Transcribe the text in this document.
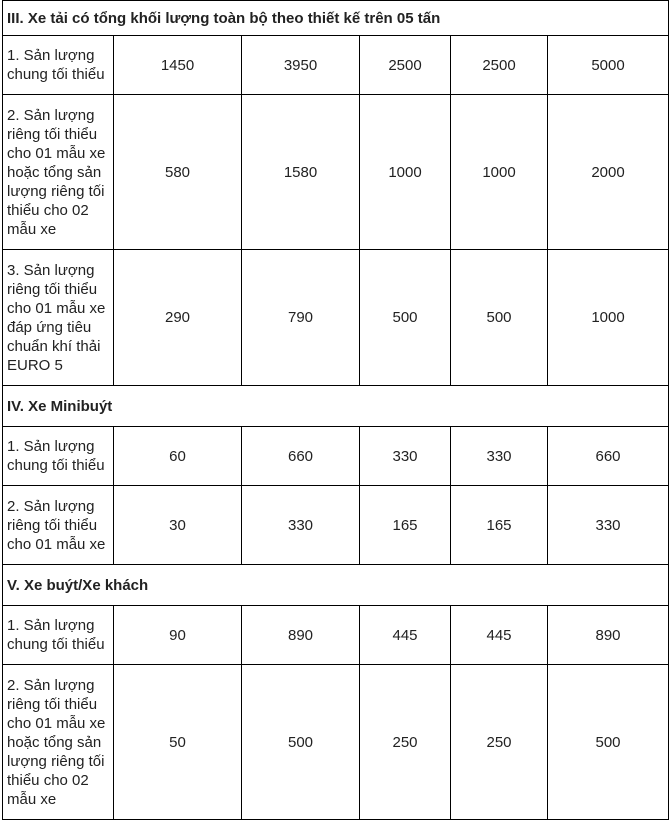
III. Xe tải có tổng khối lượng toàn bộ theo thiết kế trên 05 tấn					
1. Sản lượng chung tối thiểu	1450	3950	2500	2500	5000
2. Sản lượng riêng tối thiểu cho 01 mẫu xe hoặc tổng sản lượng riêng tối thiểu cho 02 mẫu xe	580	1580	1000	1000	2000
3. Sản lượng riêng tối thiểu cho 01 mẫu xe đáp ứng tiêu chuẩn khí thải EURO 5	290	790	500	500	1000
IV. Xe Minibuýt					
1. Sản lượng chung tối thiểu	60	660	330	330	660
2. Sản lượng riêng tối thiểu cho 01 mẫu xe	30	330	165	165	330
V. Xe buýt/Xe khách					
1. Sản lượng chung tối thiểu	90	890	445	445	890
2. Sản lượng riêng tối thiểu cho 01 mẫu xe hoặc tổng sản lượng riêng tối thiểu cho 02 mẫu xe	50	500	250	250	500
